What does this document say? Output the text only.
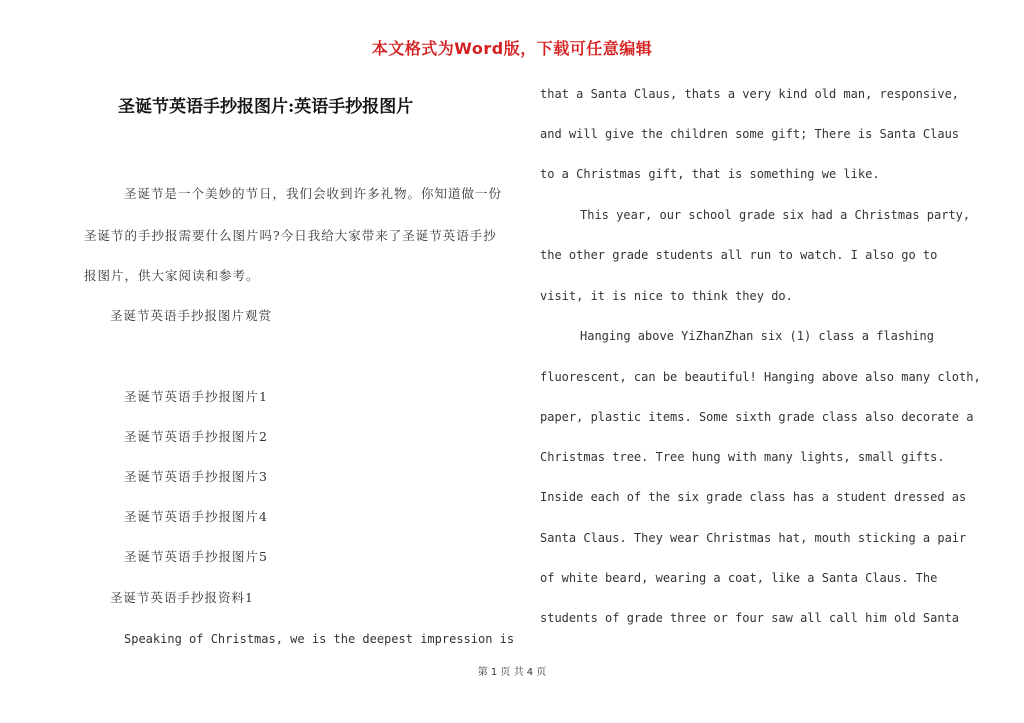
本文格式为Word版，下载可任意编辑
圣诞节英语手抄报图片:英语手抄报图片
圣诞节是一个美妙的节日，我们会收到许多礼物。你知道做一份
圣诞节的手抄报需要什么图片吗?今日我给大家带来了圣诞节英语手抄
报图片，供大家阅读和参考。
圣诞节英语手抄报图片观赏
圣诞节英语手抄报图片1
圣诞节英语手抄报图片2
圣诞节英语手抄报图片3
圣诞节英语手抄报图片4
圣诞节英语手抄报图片5
圣诞节英语手抄报资料1
Speaking of Christmas, we is the deepest impression is
that a Santa Claus, thats a very kind old man, responsive,
and will give the children some gift; There is Santa Claus
to a Christmas gift, that is something we like.
This year, our school grade six had a Christmas party,
the other grade students all run to watch. I also go to
visit, it is nice to think they do.
Hanging above YiZhanZhan six (1) class a flashing
fluorescent, can be beautiful! Hanging above also many cloth,
paper, plastic items. Some sixth grade class also decorate a
Christmas tree. Tree hung with many lights, small gifts.
Inside each of the six grade class has a student dressed as
Santa Claus. They wear Christmas hat, mouth sticking a pair
of white beard, wearing a coat, like a Santa Claus. The
students of grade three or four saw all call him old Santa
第 1 页 共 4 页
